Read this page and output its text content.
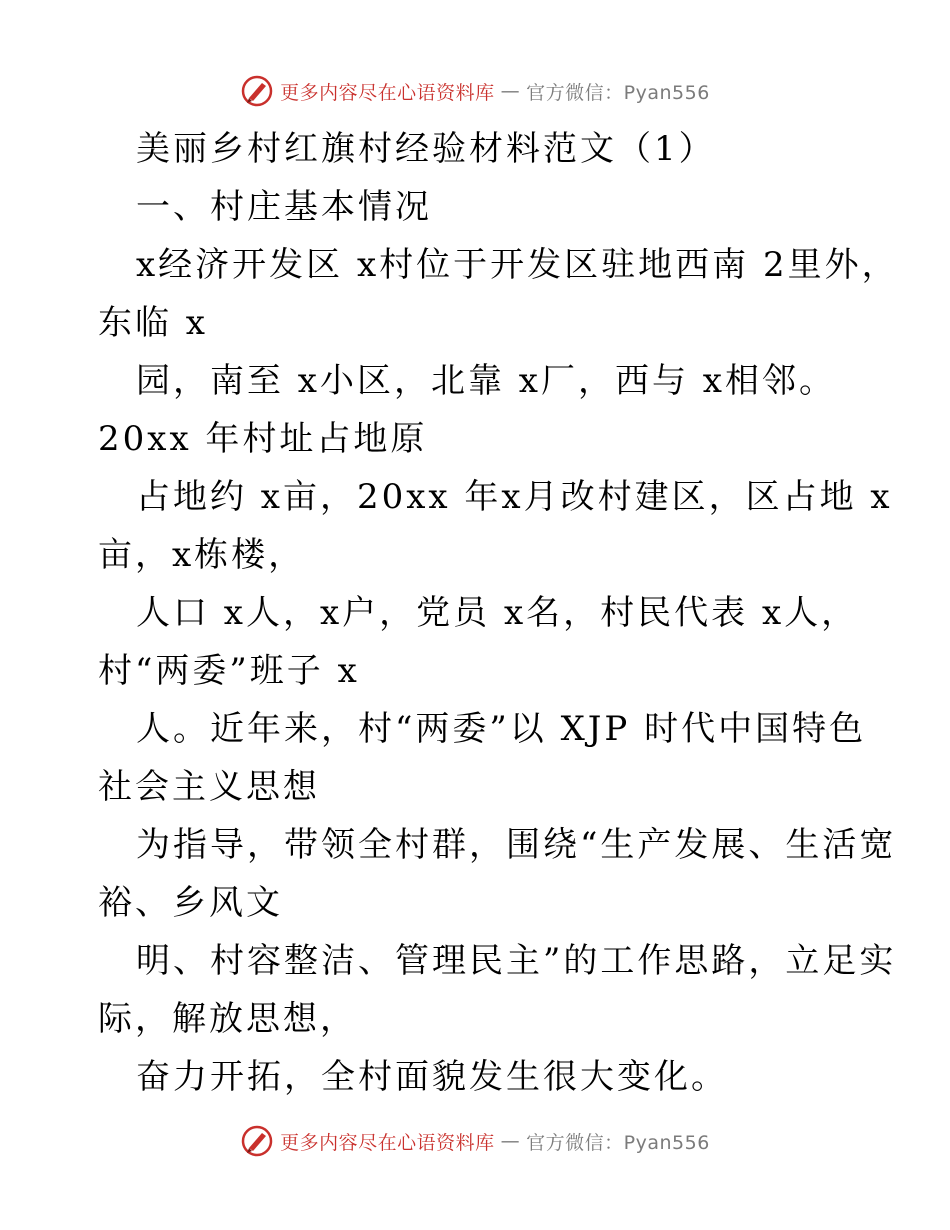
更多内容尽在心语资料库 — 官方微信：Pyan556
美丽乡村红旗村经验材料范文（1）
一、村庄基本情况
x经济开发区 x村位于开发区驻地西南 2里外，
东临 x
园，南至 x小区，北靠 x厂，西与 x相邻。
20xx 年村址占地原
占地约 x亩，20xx 年x月改村建区，区占地 x
亩，x栋楼，
人口 x人，x户，党员 x名，村民代表 x人，
村“两委”班子 x
人。近年来，村“两委”以 XJP 时代中国特色
社会主义思想
为指导，带领全村群，围绕“生产发展、生活宽
裕、乡风文
明、村容整洁、管理民主”的工作思路，立足实
际，解放思想，
奋力开拓，全村面貌发生很大变化。
更多内容尽在心语资料库 — 官方微信：Pyan556
